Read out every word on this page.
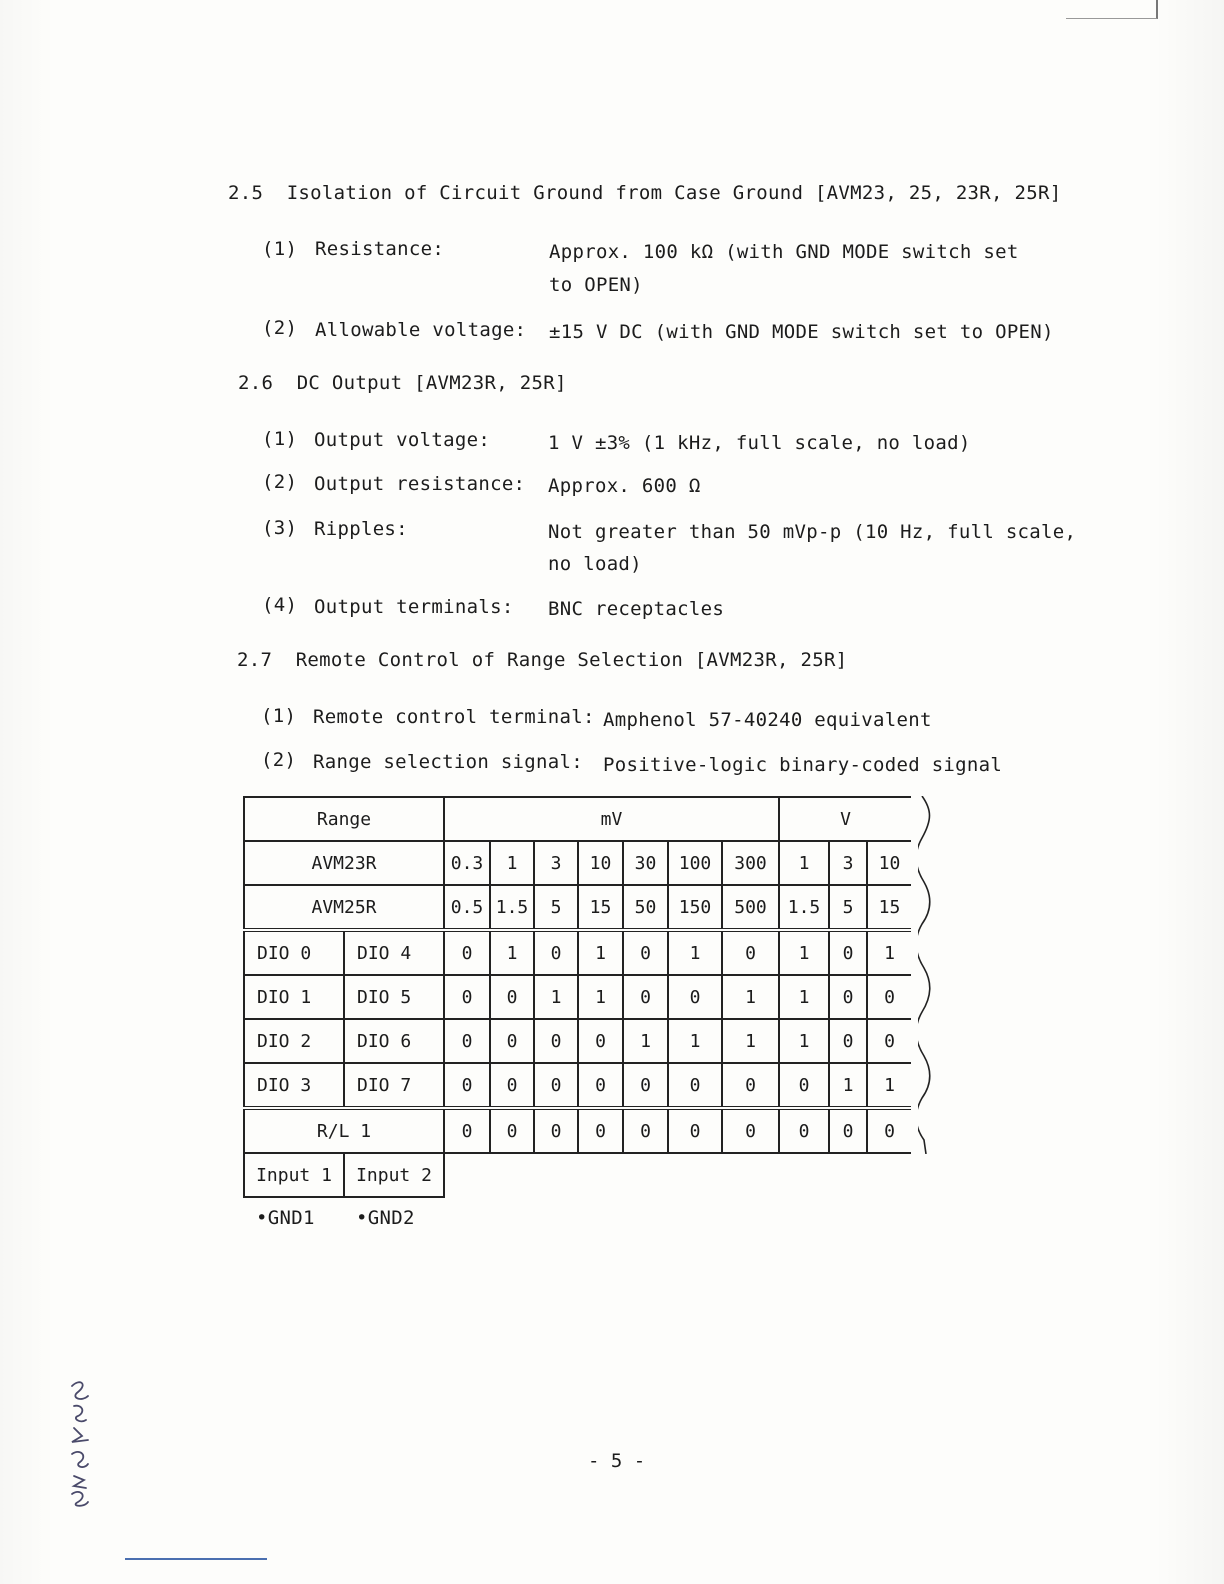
2.5  Isolation of Circuit Ground from Case Ground [AVM23, 25, 23R, 25R]
(1) Resistance:	Approx. 100 kΩ (with GND MODE switch set
to OPEN)
(2) Allowable voltage: ±15 V DC (with GND MODE switch set to OPEN)
2.6  DC Output [AVM23R, 25R]
(1) Output voltage:	1 V ±3% (1 kHz, full scale, no load)
(2) Output resistance: Approx. 600 Ω
(3) Ripples:	Not greater than 50 mVp-p (10 Hz, full scale,
no load)
(4) Output terminals: BNC receptacles
2.7  Remote Control of Range Selection [AVM23R, 25R]
(1) Remote control terminal: Amphenol 57-40240 equivalent
(2) Range selection signal: Positive-logic binary-coded signal
Range		mV							V		
AVM23R		0.3	1	3	10	30	100	300	1	3	10
AVM25R		0.5	1.5	5	15	50	150	500	1.5	5	15
DIO 0	DIO 4	0	1	0	1	0	1	0	1	0	1
DIO 1	DIO 5	0	0	1	1	0	0	1	1	0	0
DIO 2	DIO 6	0	0	0	0	1	1	1	1	0	0
DIO 3	DIO 7	0	0	0	0	0	0	0	0	1	1
R/L 1		0	0	0	0	0	0	0	0	0	0
Input 1	Input 2										
•GND1 •GND2
- 5 -
